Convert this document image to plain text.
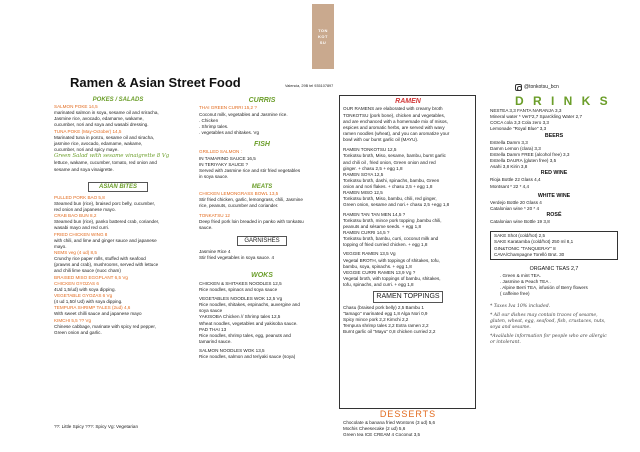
TON
KOT
SU
Ramen & Asian Street Food	Valencia, 29B tel 935107897	@tonkotsu_bcn
POKES / SALADS
SALMON POKE 14,5
marinated salmon in soya, sesame oil and sriracha,
Jasmine rice, avocado, edamame, wakame,
cucumber, nori and soya and wasabi dressing.
TUNA POKE (May-October) 14,5
Marinated tuna in ponzu, sesame oil and siracha,
jasmine rice, avocado, edamame, wakame,
cucumber, nori and spicy maye.
Green Salad with sesame vinaigrette 8 Vg
lettuce, wakame, cucumber, tomato, red onion and
sesame and soya vinaigrette.
ASIAN BITES
PULLED PORK BAO 5,8
Steamed bun (rice), braised porc belly, cucumber,
red onion and japanese mayo.
CRAB BAO BUN 8,2
Steamed bun (rice), panko battered crab, coriander,
wasabi mayo and red curri.
FRIED CHICKEN WING 8
with chili, and lime and ginger sauce and japanese
mayo.
NEMS veg (4 ud) 8,5
Crunchy rice paper rolls, stuffed with seafood
(prawns and crab), mushrooms, served with lettuce
and chili lime sauce (nuoc cham)
BRAISED MISO EGGPLANT 6,5 Vg
CHICKEN GYOZAS 6
4Ud 1,5/ud) with soya dipping.
VEGETABLE GYOZAS 6 Vg
(4 ud 1,50/ Ud) with soya dipping.
TEMPURA SHRIMP TALES (2ud) 4,6
With sweet chilli sauce and japanese mayo
KIMCHI 5,5 ?? Vg
Chinese cabbage, marinate with spicy red pepper,
Green onion and garlic.
??: Little Spicy ???: Spicy Vg: Vegetarian
CURRIS
THAI GREEN CURRI 15,2 ?
Coconut milk, vegetables and Jasmine rice.
. Chicken
. Shrimp tales.
. vegetables and shitakes. Vg
FISH
GRILLED SALMON :
IN TAMARIND SAUCE 16,5
IN TERIYAKY SAUCE ?
Served with Jasmine rice and stir fried vegetables
in soya sauce.
MEATS
CHICKEN LEMONGRASS BOWL 13,5
Stir fried chicken, garlic, lemongrass, chili, Jasmine
rice, peanuts, cucumber and coriander.

TONKATSU 12
Deep fried pork loin breaded in panko with tonkatsu
sauce.
GARNISHES
Jasmine Rice 4
Stir fried vegetables in soya sauce. 4
WOKS
CHICKEN & SHITAKES NOODLES 12,5
Rice noodles, spinacs and soya sauce

VEGETABLES NOODLES WOK 12,5 Vg
Rice noodles, shitakes, espinachs, auvergine and
soya sauce
YAKISOBA Chicken // Shrimp tales 12,5
Wheat noodles, vegetables and yakisoba sauce.
PAD THAI 13
Rice noodles, shrimp tales, egg, peanuts and
tamarind sauce.

SALMON NOODLES WOK 13,5
Rice noodles, salmon and teriyaki sauce (soya)
RAMEN
OUR RAMENS are elaborated with creamy broth
TONKOTSU (pork bone), chicken and vegetables,
and are enchanced with a homemade mix of misos,
espices and aromatic herbs, are served with wavy
ramen noodles (wheat), and you can aromatize your
bowl with our burnt garlic oil (MAYU).
RAMEN TONKOTSU 12,5
Tonkotsu broth, Miso, sesame, bambu, burnt garlic
and chili oil , fried onion, Green onion and red
ginger. + chasu 2,5 + egg 1,8
RAMEN SOYA 12,5
Tonkotsu broth, dashi, spinachs, bambu, Green
onion and nori flakes. + chasu 2,5 + egg 1,8
RAMEN MISO 12,5
Tonkotsu broth, Miso, bambu, chili, red ginger,
Green onion, sesame and nori.+ chasu 2,5 +egg 1,8

RAMEN TAN TAN MEN 14,5 ?
Tonkotsu broth, mince pork topping ,bambu chili,
peanuts and sésame seeds. + egg 1,8
RAMEN CURRI 14,5 ?
Tonkotsu broth, bambu, curri, coconut milk and
topping of fried curried chicken. + egg 1,8

VEGGIE RAMEN 13,5 Vg
Vegetal BROTH, with toppings of shitakes, tofu,
bambu, soya, spinachs. + egg 1,8
VEGGIE CURRI RAMEN 13,9 Vg ?
Vegetal broth, with toppings of bambu, shitakes,
tofu, spinachs, and curri. + egg 1,8
RAMEN TOPPINGS
Chasu (braised pork belly) 2,5 Bambu 1
"tamago" marinated egg 1,8 Alga Nori 0,9
Spicy mince pork 2,2 Kimchi 2,2
Tempura shrimp tales 2,2 Extra ramen 2,2
Burnt garlic oil "Mayu" 0,8 chicken curried 2,2
DESSERTS
Chocolate & banana fried Wontons (3 ud) 5,6
Mochis Cheesecake (2 ud) 5,6
Green tea ICE CREAM 4 Coconut 3,5
D R I N K S
NESTEA 3,3 FANTA NARANJA 3,3
Mineral water * Vert*2,7 Sparckling Water 2,7
COCA cola 3,3 Cola zero 3,3
Lemonade "Royal Blue" 3,3
BEERS
Estrella Damm 3,3
Damm Lemon (clara) 3,3
Estrella Damm FREE (alcohol free) 3,3
Estrella DAURA (gluten free) 3,5
Asahi 3,8 Kirin 3,8
RED WINE
Rioja Bottle 22 Glass 4,4
Montsant * 22 * 4,4
WHITE WINE
Verdejo Bottle 20 Glass 4
Catalonian wine * 20 * 4
ROSÉ
Catalonian wine Bottle 19 3,8
SAKE Shot (cold/hot) 2,5
SAKE Karatamba (cold/hot) 250 ml 8,1
GIN&TONIC "TANQUERAY" 8
CAVA/Champagne Torelló Brut. 30
ORGANIC TEAS 2,7
. Green & mint TEA.
. Jasmine & Peach TEA .
. Alpine Berri TEA, infusión of Berry flowers
( caffeine free)
* Taxes Iva 10% included.

* All our dishes may contain traces of sesame,
gluten, wheat, egg, seafood, fish, crustaces, nuts,
soya and sesame.

*Available information for people who are allergic
or intolerant.
